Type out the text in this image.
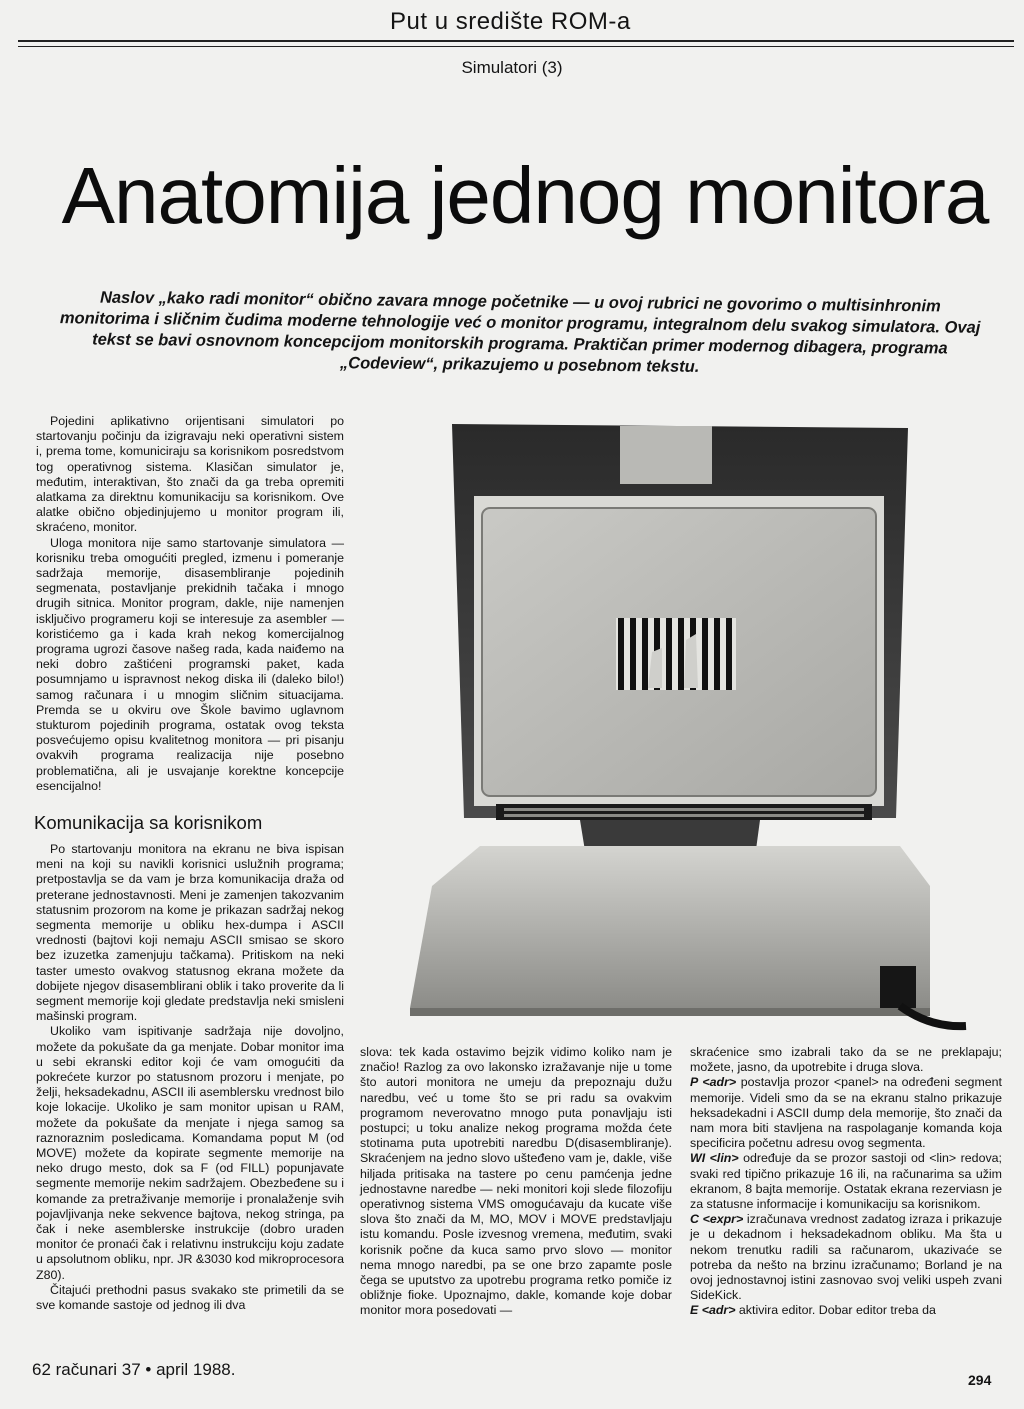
Put u središte ROM-a
Simulatori (3)
Anatomija jednog monitora
Naslov „kako radi monitor“ obično zavara mnoge početnike — u ovoj rubrici ne govorimo o multisinhronim monitorima i sličnim čudima moderne tehnologije već o monitor programu, integralnom delu svakog simulatora. Ovaj tekst se bavi osnovnom koncepcijom monitorskih programa. Praktičan primer modernog dibagera, programa „Codeview“, prikazujemo u posebnom tekstu.

Pojedini aplikativno orijentisani simulatori po startovanju počinju da izigravaju neki operativni sistem i, prema tome, komuniciraju sa korisnikom posredstvom tog operativnog sistema. Klasičan simulator je, međutim, interaktivan, što znači da ga treba opremiti alatkama za direktnu komunikaciju sa korisnikom. Ove alatke obično objedinjujemo u monitor program ili, skraćeno, monitor.

Uloga monitora nije samo startovanje simulatora — korisniku treba omogućiti pregled, izmenu i pomeranje sadržaja memorije, disasembliranje pojedinih segmenata, postavljanje prekidnih tačaka i mnogo drugih sitnica. Monitor program, dakle, nije namenjen isključivo programeru koji se interesuje za asembler — koristićemo ga i kada krah nekog komercijalnog programa ugrozi časove našeg rada, kada naiđemo na neki dobro zaštićeni programski paket, kada posumnjamo u ispravnost nekog diska ili (daleko bilo!) samog računara i u mnogim sličnim situacijama. Premda se u okviru ove Škole bavimo uglavnom stukturom pojedinih programa, ostatak ovog teksta posvećujemo opisu kvalitetnog monitora — pri pisanju ovakvih programa realizacija nije posebno problematična, ali je usvajanje korektne koncepcije esencijalno!

Komunikacija sa korisnikom

Po startovanju monitora na ekranu ne biva ispisan meni na koji su navikli korisnici uslužnih programa; pretpostavlja se da vam je brza komunikacija draža od preterane jednostavnosti. Meni je zamenjen takozvanim statusnim prozorom na kome je prikazan sadržaj nekog segmenta memorije u obliku hex-dumpa i ASCII vrednosti (bajtovi koji nemaju ASCII smisao se skoro bez izuzetka zamenjuju tačkama). Pritiskom na neki taster umesto ovakvog statusnog ekrana možete da dobijete njegov disasemblirani oblik i tako proverite da li segment memorije koji gledate predstavlja neki smisleni mašinski program.

Ukoliko vam ispitivanje sadržaja nije dovoljno, možete da pokušate da ga menjate. Dobar monitor ima u sebi ekranski editor koji će vam omogućiti da pokrećete kurzor po statusnom prozoru i menjate, po želji, heksadekadnu, ASCII ili asemblersku vrednost bilo koje lokacije. Ukoliko je sam monitor upisan u RAM, možete da pokušate da menjate i njega samog sa raznoraznim posledicama. Komandama poput M (od MOVE) možete da kopirate segmente memorije na neko drugo mesto, dok sa F (od FILL) popunjavate segmente memorije nekim sadržajem. Obezbeđene su i komande za pretraživanje memorije i pronalaženje svih pojavljivanja neke sekvence bajtova, nekog stringa, pa čak i neke asemblerske instrukcije (dobro uraden monitor će pronaći čak i relativnu instrukciju koju zadate u apsolutnom obliku, npr. JR &3030 kod mikroprocesora Z80).

Čitajući prethodni pasus svakako ste primetili da se sve komande sastoje od jednog ili dva

slova: tek kada ostavimo bejzik vidimo koliko nam je značio! Razlog za ovo lakonsko izražavanje nije u tome što autori monitora ne umeju da prepoznaju dužu naredbu, već u tome što se pri radu sa ovakvim programom neverovatno mnogo puta ponavljaju isti postupci; u toku analize nekog programa možda ćete stotinama puta upotrebiti naredbu D(disasembliranje). Skraćenjem na jedno slovo ušteđeno vam je, dakle, više hiljada pritisaka na tastere po cenu pamćenja jedne jednostavne naredbe — neki monitori koji slede filozofiju operativnog sistema VMS omogućavaju da kucate više slova što znači da M, MO, MOV i MOVE predstavljaju istu komandu. Posle izvesnog vremena, međutim, svaki korisnik počne da kuca samo prvo slovo — monitor nema mnogo naredbi, pa se one brzo zapamte posle čega se uputstvo za upotrebu programa retko pomiče iz obližnje fioke. Upoznajmo, dakle, komande koje dobar monitor mora posedovati —

skraćenice smo izabrali tako da se ne preklapaju; možete, jasno, da upotrebite i druga slova.

P <adr> postavlja prozor <panel> na određeni segment memorije. Videli smo da se na ekranu stalno prikazuje heksadekadni i ASCII dump dela memorije, što znači da nam mora biti stavljena na raspolaganje komanda koja specificira početnu adresu ovog segmenta.

WI <lin> određuje da se prozor sastoji od <lin> redova; svaki red tipično prikazuje 16 ili, na računarima sa užim ekranom, 8 bajta memorije. Ostatak ekrana rezerviasn je za statusne informacije i komunikaciju sa korisnikom.

C <expr> izračunava vrednost zadatog izraza i prikazuje je u dekadnom i heksadekadnom obliku. Ma šta u nekom trenutku radili sa računarom, ukazivaće se potreba da nešto na brzinu izračunamo; Borland je na ovoj jednostavnoj istini zasnovao svoj veliki uspeh zvani SideKick.

E <adr> aktivira editor. Dobar editor treba da

62 računari 37 • april 1988.
294
